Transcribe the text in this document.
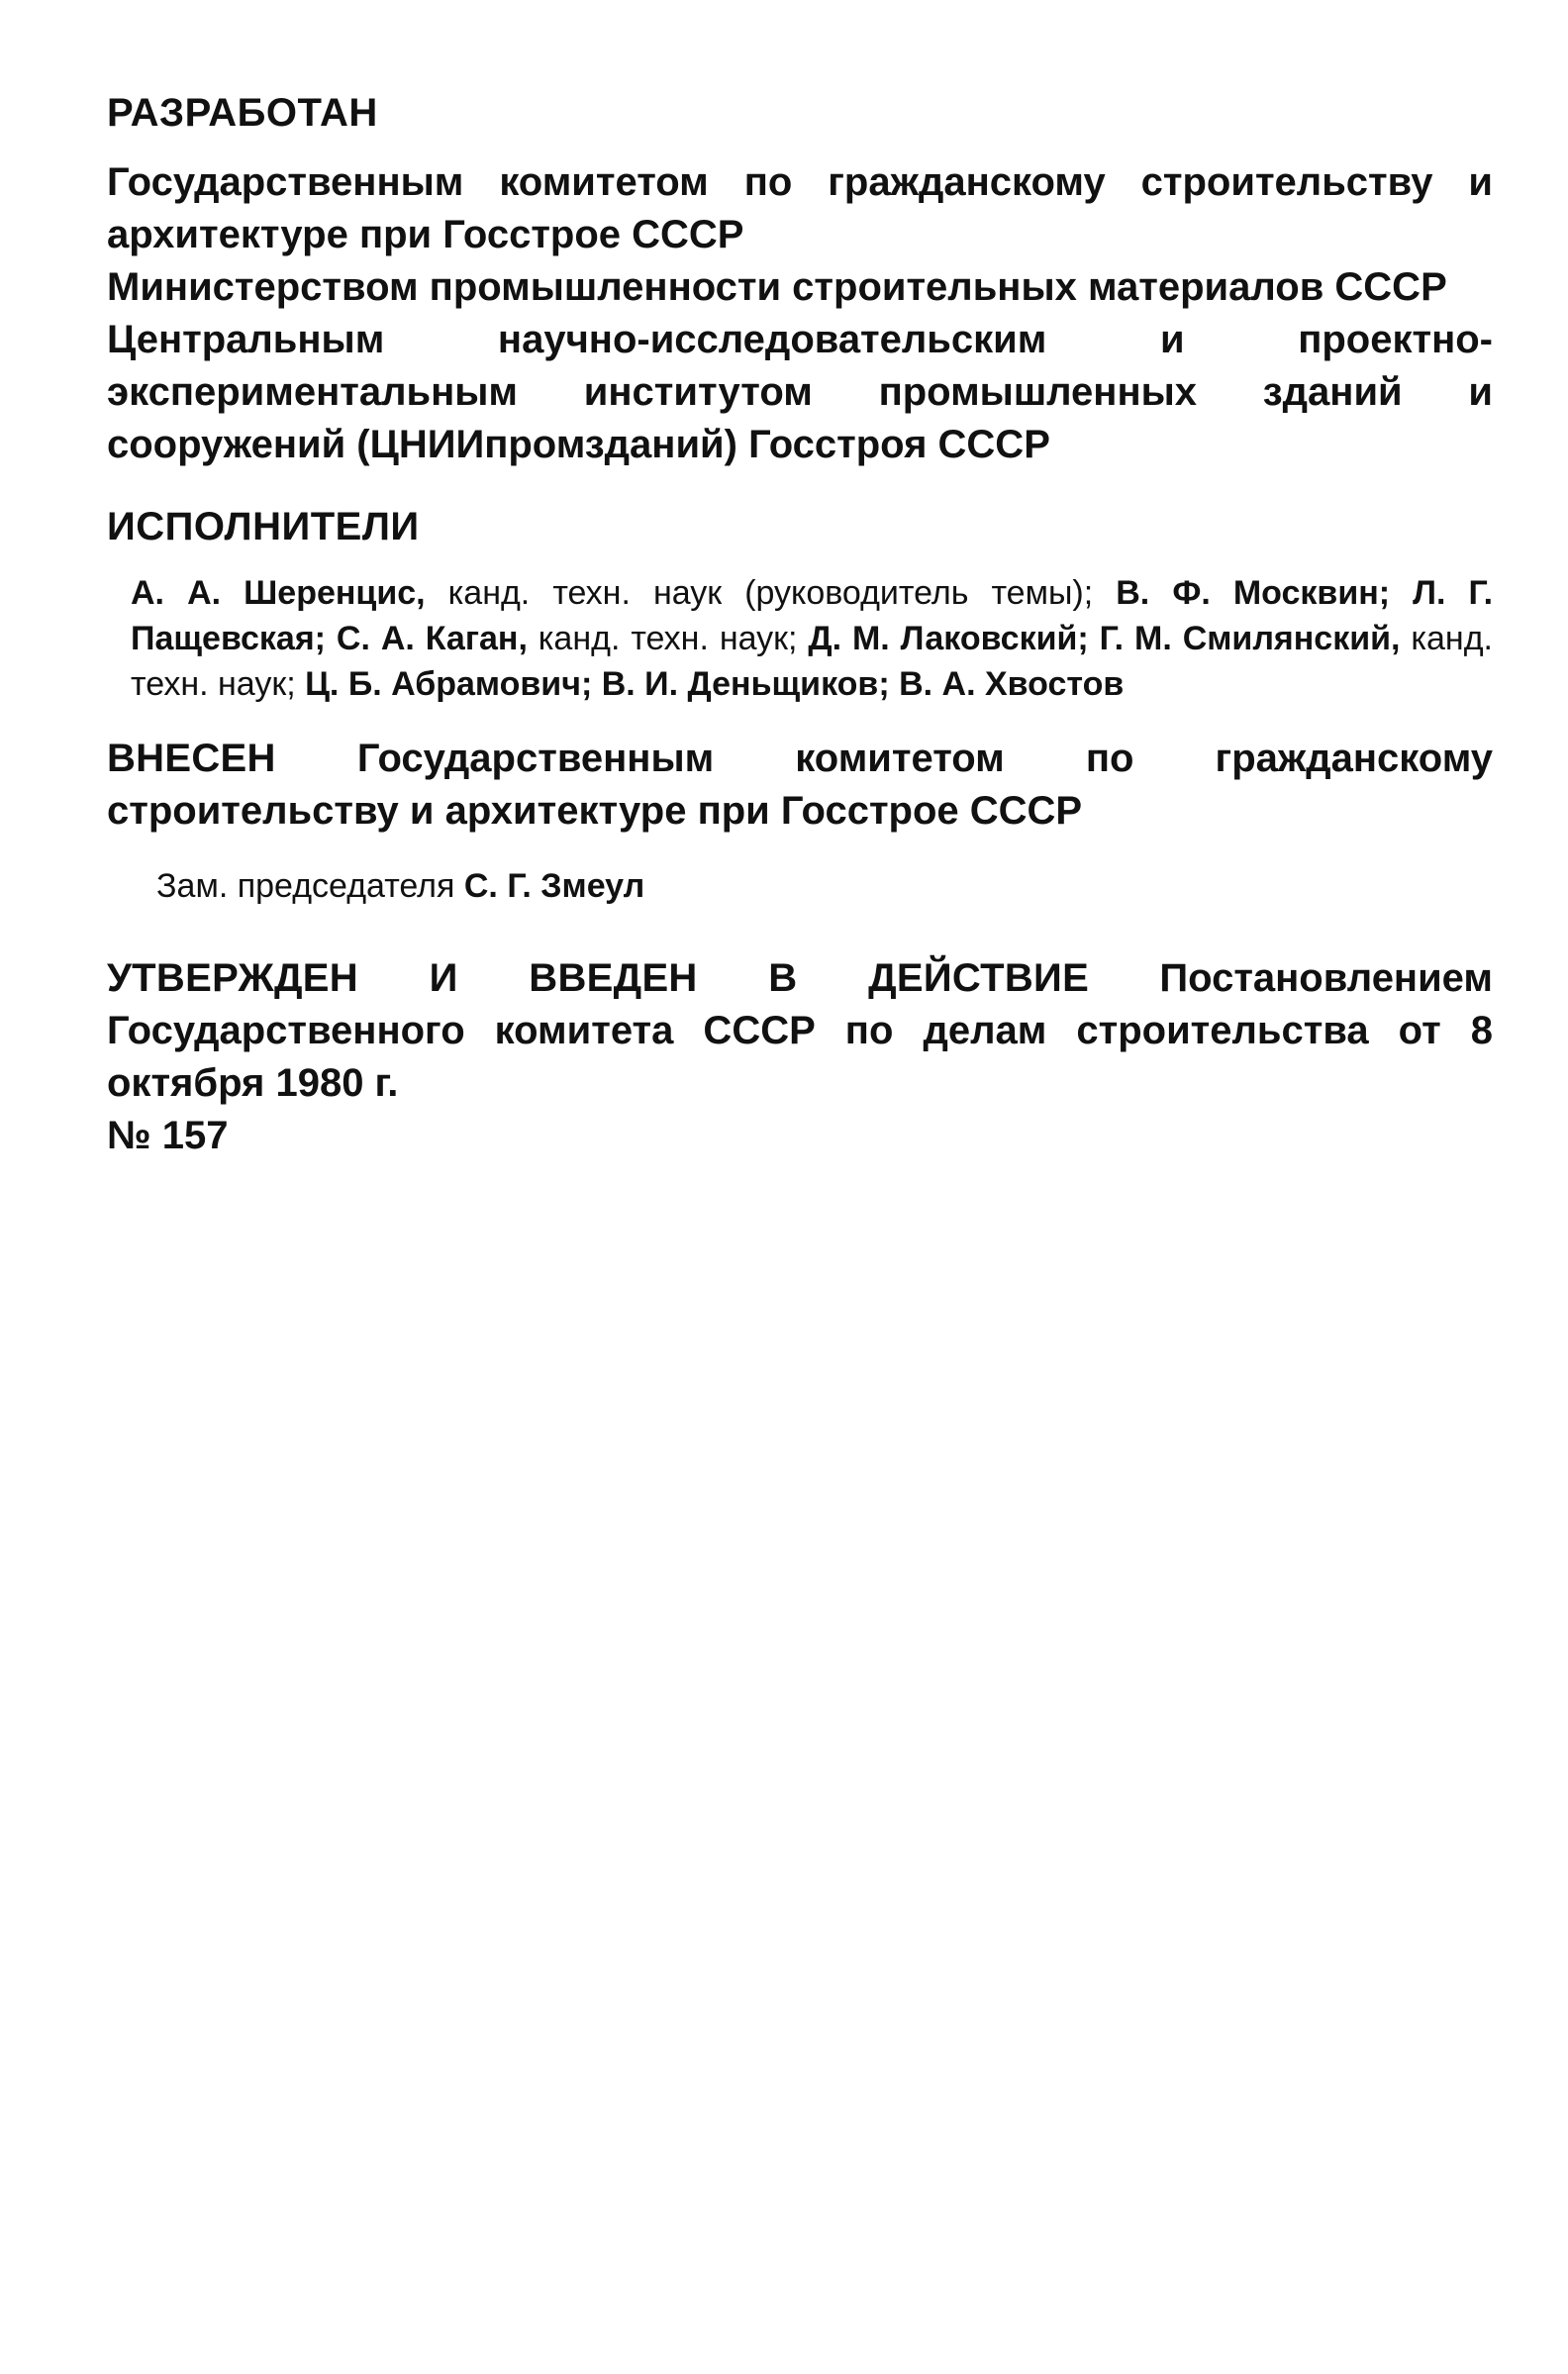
РАЗРАБОТАН

Государственным комитетом по гражданскому строительству и архитектуре при Госстрое СССР

Министерством промышленности строительных материалов СССР

Центральным научно-исследовательским и проектно-экспериментальным институтом промышленных зданий и сооружений (ЦНИИпромзданий) Госстроя СССР

ИСПОЛНИТЕЛИ

А. А. Шеренцис, канд. техн. наук (руководитель темы); В. Ф. Москвин; Л. Г. Пащевская; С. А. Каган, канд. техн. наук; Д. М. Лаковский; Г. М. Смилянский, канд. техн. наук; Ц. Б. Абрамович; В. И. Деньщиков; В. А. Хвостов

ВНЕСЕН Государственным комитетом по гражданскому строительству и архитектуре при Госстрое СССР

Зам. председателя С. Г. Змеул

УТВЕРЖДЕН И ВВЕДЕН В ДЕЙСТВИЕ Постановлением Государственного комитета СССР по делам строительства от 8 октября 1980 г.

№ 157
